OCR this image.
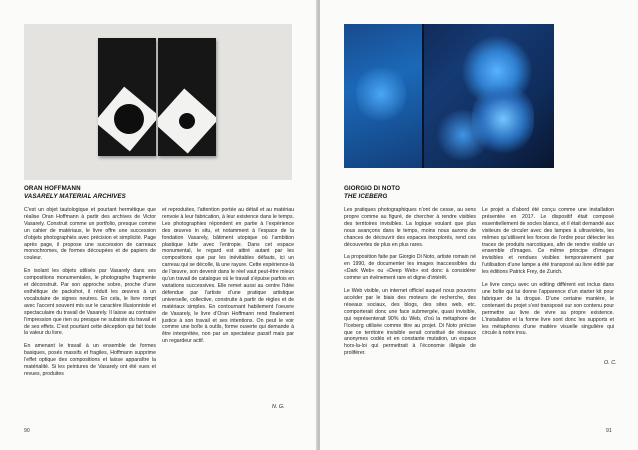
ORAN HOFFMANN
VASARELY MATERIAL ARCHIVES

C’est un objet tautologique et pourtant hermétique que réalise Oran Hoffmann à partir des archives de Victor Vasarely. Construit comme un portfolio, presque comme un cahier de matériaux, le livre offre une succession d’objets photographiés avec précision et simplicité. Page après page, il propose une succession de carreaux monochromes, de formes découpées et de papiers de couleur.

En isolant les objets utilisés par Vasarely dans ses compositions monumentales, le photographe fragmente et déconstruit. Par son approche sobre, proche d’une esthétique de packshot, il réduit les œuvres à un vocabulaire de signes neutres. En cela, le livre rompt avec l’accent souvent mis sur le caractère illusionniste et spectaculaire du travail de Vasarely. Il laisse au contraire l’impression que rien ou presque ne subsiste du travail et de ses effets. C’est pourtant cette déception qui fait toute la valeur du livre.

En amenant le travail à un ensemble de formes basiques, posés massifs et fragiles, Hoffmann supprime l’effet optique des compositions et laisse apparaître la matérialité. Si les peintures de Vasarely ont été vues et revues, produites

et reproduites, l’attention portée au détail et au matériau renvoie à leur fabrication, à leur existence dans le temps. Les photographies répondent en partie à l’expérience des œuvres in situ, et notamment à l’espace de la fondation Vasarely, bâtiment utopique où l’ambition plastique lutte avec l’entropie. Dans cet espace monumental, le regard est attiré autant par les compositions que par les inévitables défauts, ici un carreau qui se décolle, là une rayure. Cette expérience-là de l’œuvre, son devenir dans le réel vaut peut-être mieux qu’un travail de catalogue où le travail s’épuise parfois en variations successives. Elle remet aussi au centre l’idée défendue par l’artiste d’une pratique artistique universelle, collective, construite à partir de règles et de matériaux simples. En contournant habilement l’oeuvre de Vasarely, le livre d’Oran Hoffmann rend finalement justice à son travail et ses intentions. On peut le voir comme une boîte à outils, forme ouverte qui demande à être interprétée, non par un spectateur passif mais par un regardeur actif.

N. G.
90
GIORGIO DI NOTO
THE ICEBERG

Les pratiques photographiques n’ont de cesse, au sens propre comme au figuré, de chercher à rendre visibles des territoires invisibles. La logique voulant que plus nous avançons dans le temps, moins nous aurons de chances de découvrir des espaces inexplorés, rend ces découvertes de plus en plus rares.

La proposition faite par Giorgio Di Noto, artiste romain né en 1990, de documenter les images inaccessibles du «Dark Web» ou «Deep Web» est donc à considérer comme un événement rare et digne d’intérêt.

Le Web visible, un internet officiel auquel nous pouvons accéder par le biais des moteurs de recherche, des réseaux sociaux, des blogs, des sites web, etc. comporterait donc une face submergée, quasi invisible, qui représenterait 90% du Web, d’où la métaphore de l’Iceberg utilisée comme titre au projet. Di Noto précise que ce territoire invisible serait constitué de réseaux anonymes codés et en constante mutation, un espace hors-la-loi qui permettrait à l’économie illégale de proliférer.

Le projet a d’abord été conçu comme une installation présentée en 2017. Le dispositif était composé essentiellement de socles blancs, et il était demandé aux visiteurs de circuler avec des lampes à ultraviolets, les mêmes qu’utilisent les forces de l’ordre pour détecter les traces de produits narcotiques, afin de rendre visible un ensemble d’images. Ce même principe d’images invisibles et rendues visibles temporairement par l’utilisation d’une lampe a été transposé au livre édité par les éditions Patrick Frey, de Zurich.

Le livre conçu avec un editing différent est inclus dans une boîte qui lui donne l’apparence d’un starter kit pour fabriquer de la drogue. D’une certaine manière, le contenant du projet s’est transposé sur son contenu pour permettre au livre de vivre sa propre existence. L’installation et la forme livre sont donc les supports et les métaphores d’une matière visuelle singulière qui circule à notre insu.

O. C.
91
